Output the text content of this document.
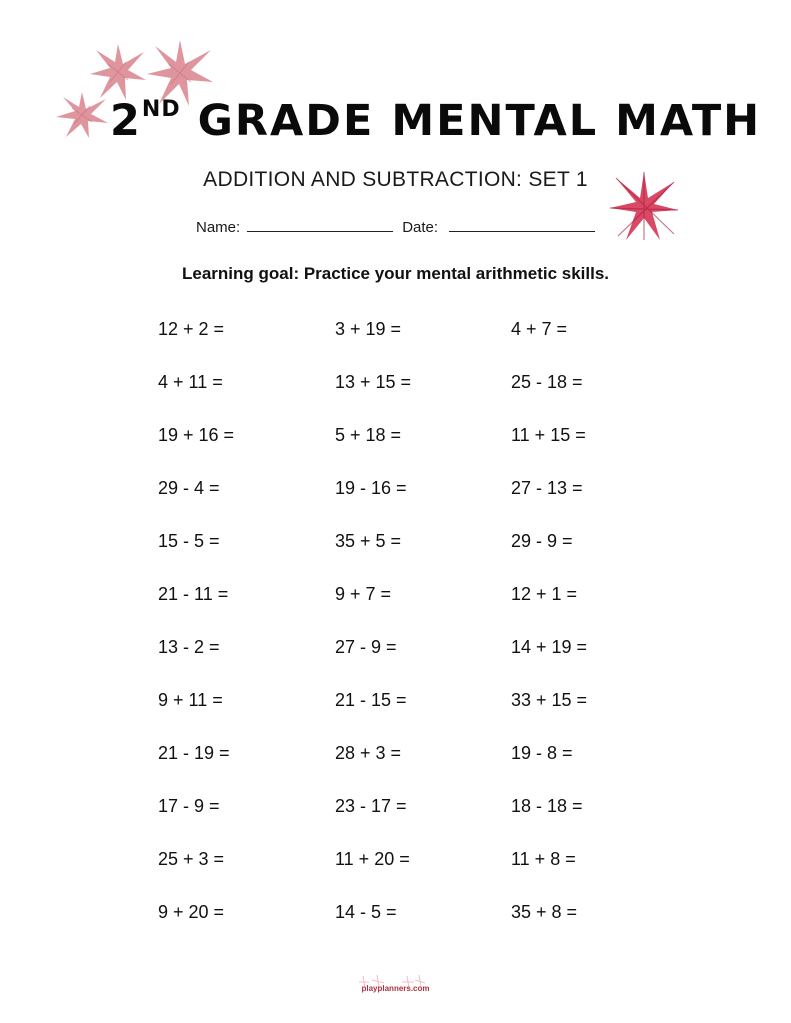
2ND GRADE MENTAL MATH
ADDITION AND SUBTRACTION: SET 1
Name:	Date:
Learning goal: Practice your mental arithmetic skills.
12 + 2 =	3 + 19 =	4 + 7 =
4 + 11 =	13 + 15 =	25 - 18 =
19 + 16 =	5 + 18 =	11 + 15 =
29 - 4 =	19 - 16 =	27 - 13 =
15 - 5 =	35 + 5 =	29 - 9 =
21 - 11 =	9 + 7 =	12 + 1 =
13 - 2 =	27 - 9 =	14 + 19 =
9 + 11 =	21 - 15 =	33 + 15 =
21 - 19 =	28 + 3 =	19 - 8 =
17 - 9 =	23 - 17 =	18 - 18 =
25 + 3 =	11 + 20 =	11 + 8 =
9 + 20 =	14 - 5 =	35 + 8 =
playplanners.com
